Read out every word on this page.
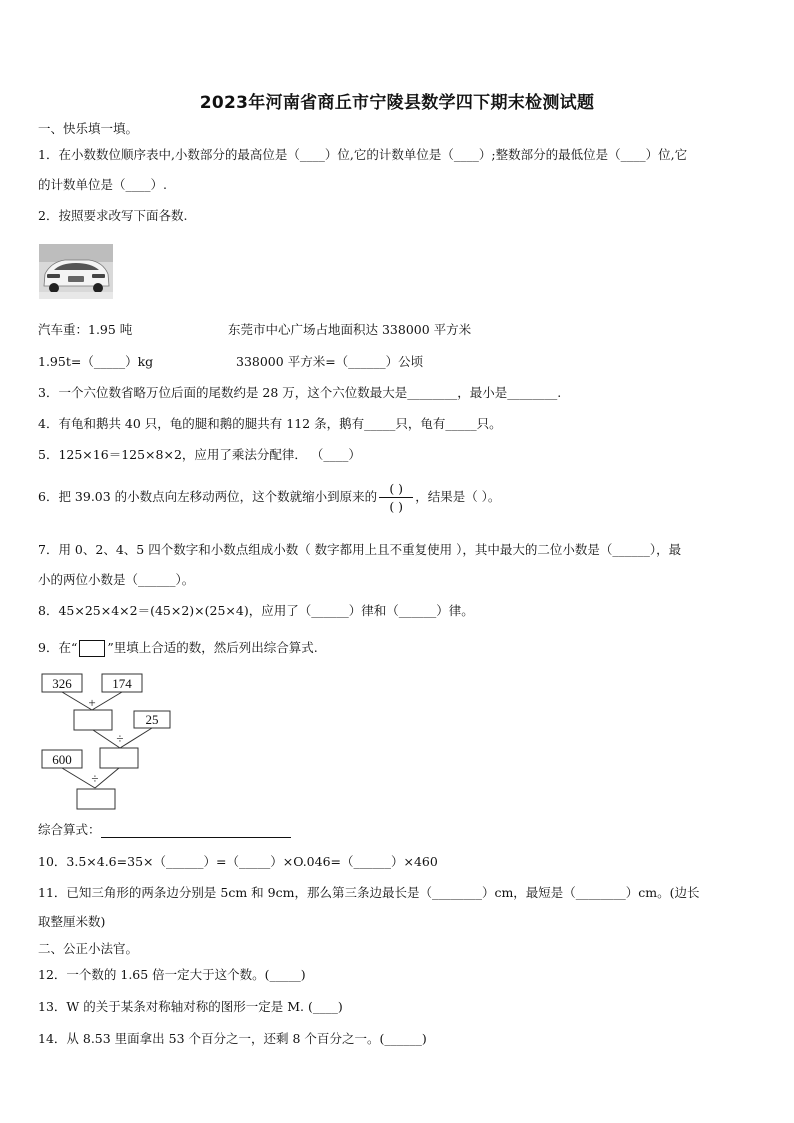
2023年河南省商丘市宁陵县数学四下期末检测试题
一、快乐填一填。
1．在小数数位顺序表中,小数部分的最高位是（____）位,它的计数单位是（____）;整数部分的最低位是（____）位,它
的计数单位是（____）.
2．按照要求改写下面各数.
汽车重：1.95 吨	东莞市中心广场占地面积达 338000 平方米
1.95t=（_____）kg	338000 平方米=（______）公顷
3．一个六位数省略万位后面的尾数约是 28 万，这个六位数最大是________，最小是________.
4．有龟和鹅共 40 只，龟的腿和鹅的腿共有 112 条，鹅有_____只，龟有_____只。
5．125×16＝125×8×2，应用了乘法分配律． （____）
6．把 39.03 的小数点向左移动两位，这个数就缩小到原来的
( )
( )
，结果是（ ）。
7．用 0、2、4、5 四个数字和小数点组成小数（ 数字都用上且不重复使用 ），其中最大的二位小数是（______），最
小的两位小数是（______）。
8．45×25×4×2＝(45×2)×(25×4)，应用了（______）律和（______）律。
9．在“ ”里填上合适的数，然后列出综合算式.
326	174
+
25
÷
600
÷
综合算式：
10．3.5×4.6=35×（______）=（_____）×O.046=（______）×460
11．已知三角形的两条边分别是 5cm 和 9cm，那么第三条边最长是（________）cm，最短是（________）cm。(边长
取整厘米数)
二、公正小法官。
12．一个数的 1.65 倍一定大于这个数。(_____)
13．W 的关于某条对称轴对称的图形一定是 M. (____)
14．从 8.53 里面拿出 53 个百分之一，还剩 8 个百分之一。(______)
